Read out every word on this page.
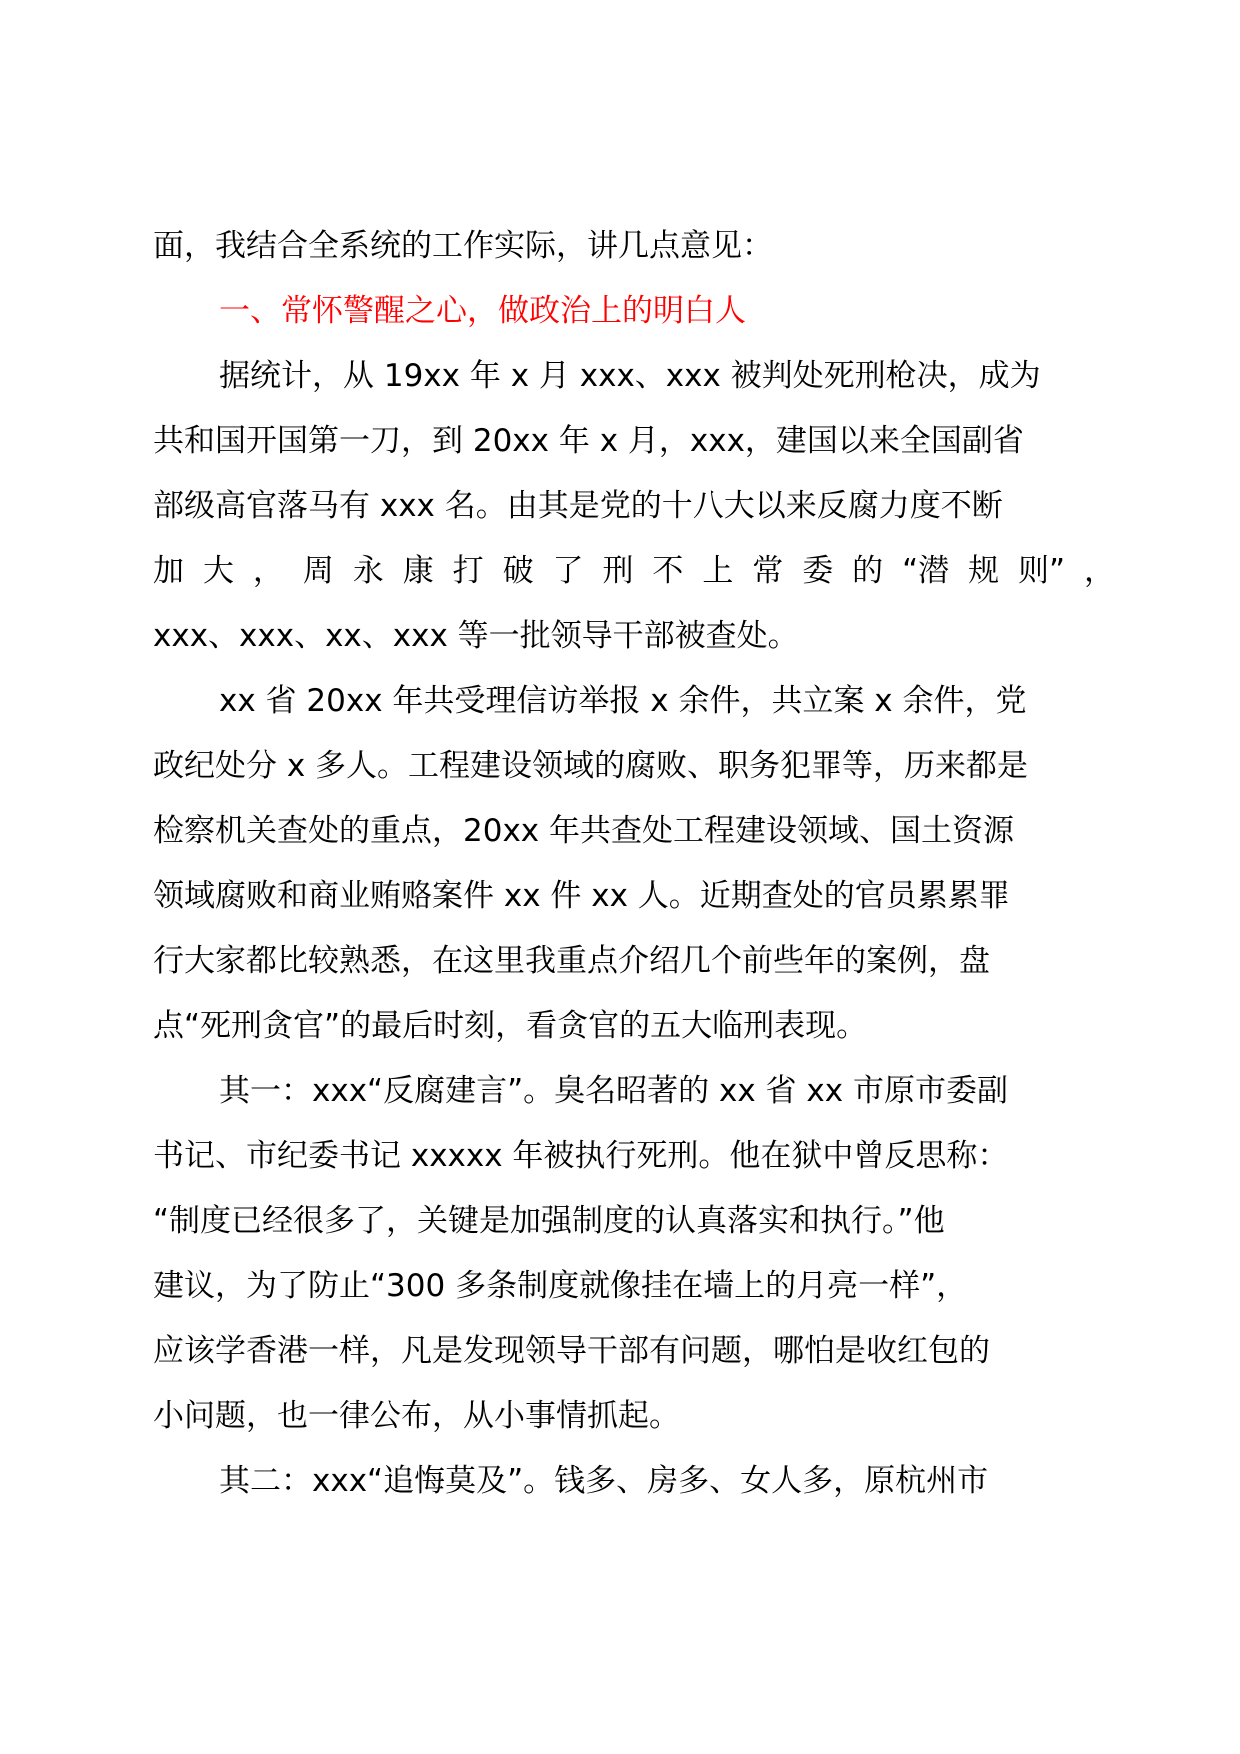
面，我结合全系统的工作实际，讲几点意见：
一、常怀警醒之心，做政治上的明白人
据统计，从 19xx 年 x 月 xxx、xxx 被判处死刑枪决，成为
共和国开国第一刀，到 20xx 年 x 月，xxx，建国以来全国副省
部级高官落马有 xxx 名。由其是党的十八大以来反腐力度不断
加 大 ， 周 永 康 打 破 了 刑 不 上 常 委 的 “潜 规 则” ，
xxx、xxx、xx、xxx 等一批领导干部被查处。
xx 省 20xx 年共受理信访举报 x 余件，共立案 x 余件，党
政纪处分 x 多人。工程建设领域的腐败、职务犯罪等，历来都是
检察机关查处的重点，20xx 年共查处工程建设领域、国土资源
领域腐败和商业贿赂案件 xx 件 xx 人。近期查处的官员累累罪
行大家都比较熟悉，在这里我重点介绍几个前些年的案例，盘
点“死刑贪官”的最后时刻，看贪官的五大临刑表现。
其一：xxx“反腐建言”。臭名昭著的 xx 省 xx 市原市委副
书记、市纪委书记 xxxxx 年被执行死刑。他在狱中曾反思称：
“制度已经很多了，关键是加强制度的认真落实和执行。”他
建议，为了防止“300 多条制度就像挂在墙上的月亮一样”，
应该学香港一样，凡是发现领导干部有问题，哪怕是收红包的
小问题，也一律公布，从小事情抓起。
其二：xxx“追悔莫及”。钱多、房多、女人多，原杭州市
